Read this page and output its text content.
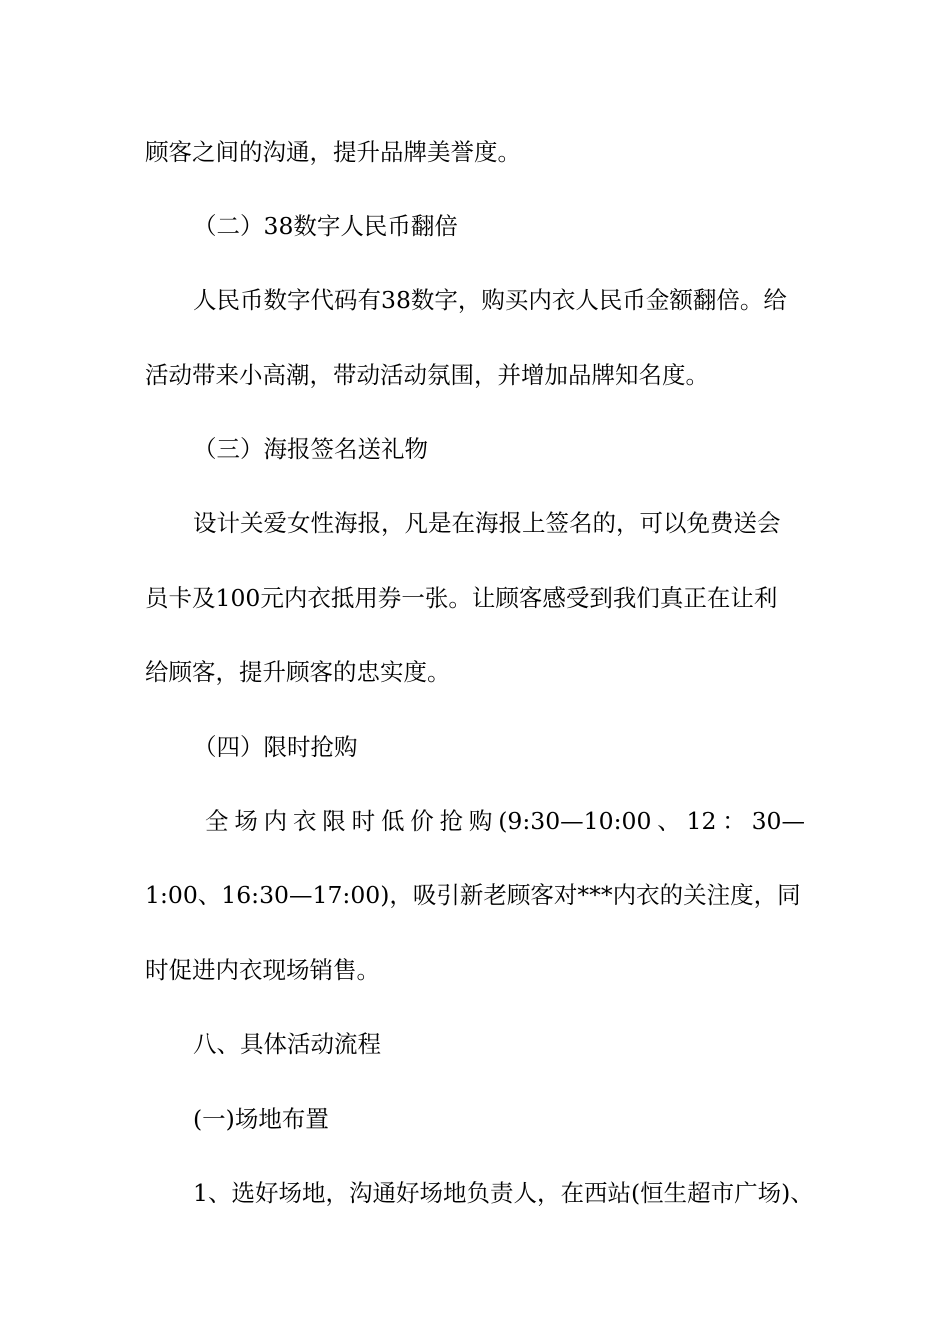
顾客之间的沟通，提升品牌美誉度。
（二）38数字人民币翻倍
人民币数字代码有38数字，购买内衣人民币金额翻倍。给
活动带来小高潮，带动活动氛围，并增加品牌知名度。
（三）海报签名送礼物
设计关爱女性海报，凡是在海报上签名的，可以免费送会
员卡及100元内衣抵用券一张。让顾客感受到我们真正在让利
给顾客，提升顾客的忠实度。
（四）限时抢购
全场内衣限时低价抢购(9:30—10:00、12：30—
1:00、16:30—17:00)，吸引新老顾客对***内衣的关注度，同
时促进内衣现场销售。
八、具体活动流程
(一)场地布置
1、选好场地，沟通好场地负责人，在西站(恒生超市广场)、
